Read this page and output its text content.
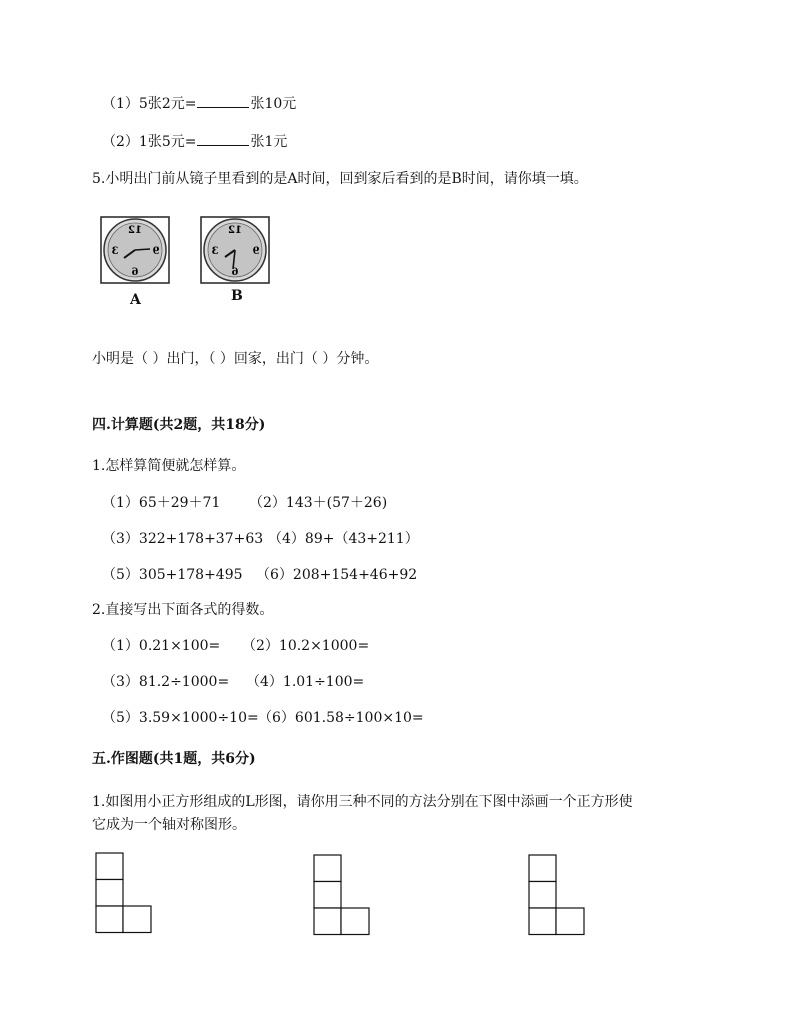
（1）5张2元=	张10元
（2）1张5元=	张1元
5.小明出门前从镜子里看到的是A时间，回到家后看到的是B时间，请你填一填。
12
3	9
6
A
12
3	9
6
B
小明是（ ）出门，（ ）回家，出门（ ）分钟。
四.计算题(共2题，共18分)
1.怎样算简便就怎样算。
（1）65＋29＋71 （2）143＋(57＋26)
（3）322+178+37+63 （4）89+（43+211）
（5）305+178+495 （6）208+154+46+92
2.直接写出下面各式的得数。
（1）0.21×100= （2）10.2×1000=
（3）81.2÷1000= （4）1.01÷100=
（5）3.59×1000÷10= （6）601.58÷100×10=
五.作图题(共1题，共6分)
1.如图用小正方形组成的L形图，请你用三种不同的方法分别在下图中添画一个正方形使
它成为一个轴对称图形。
